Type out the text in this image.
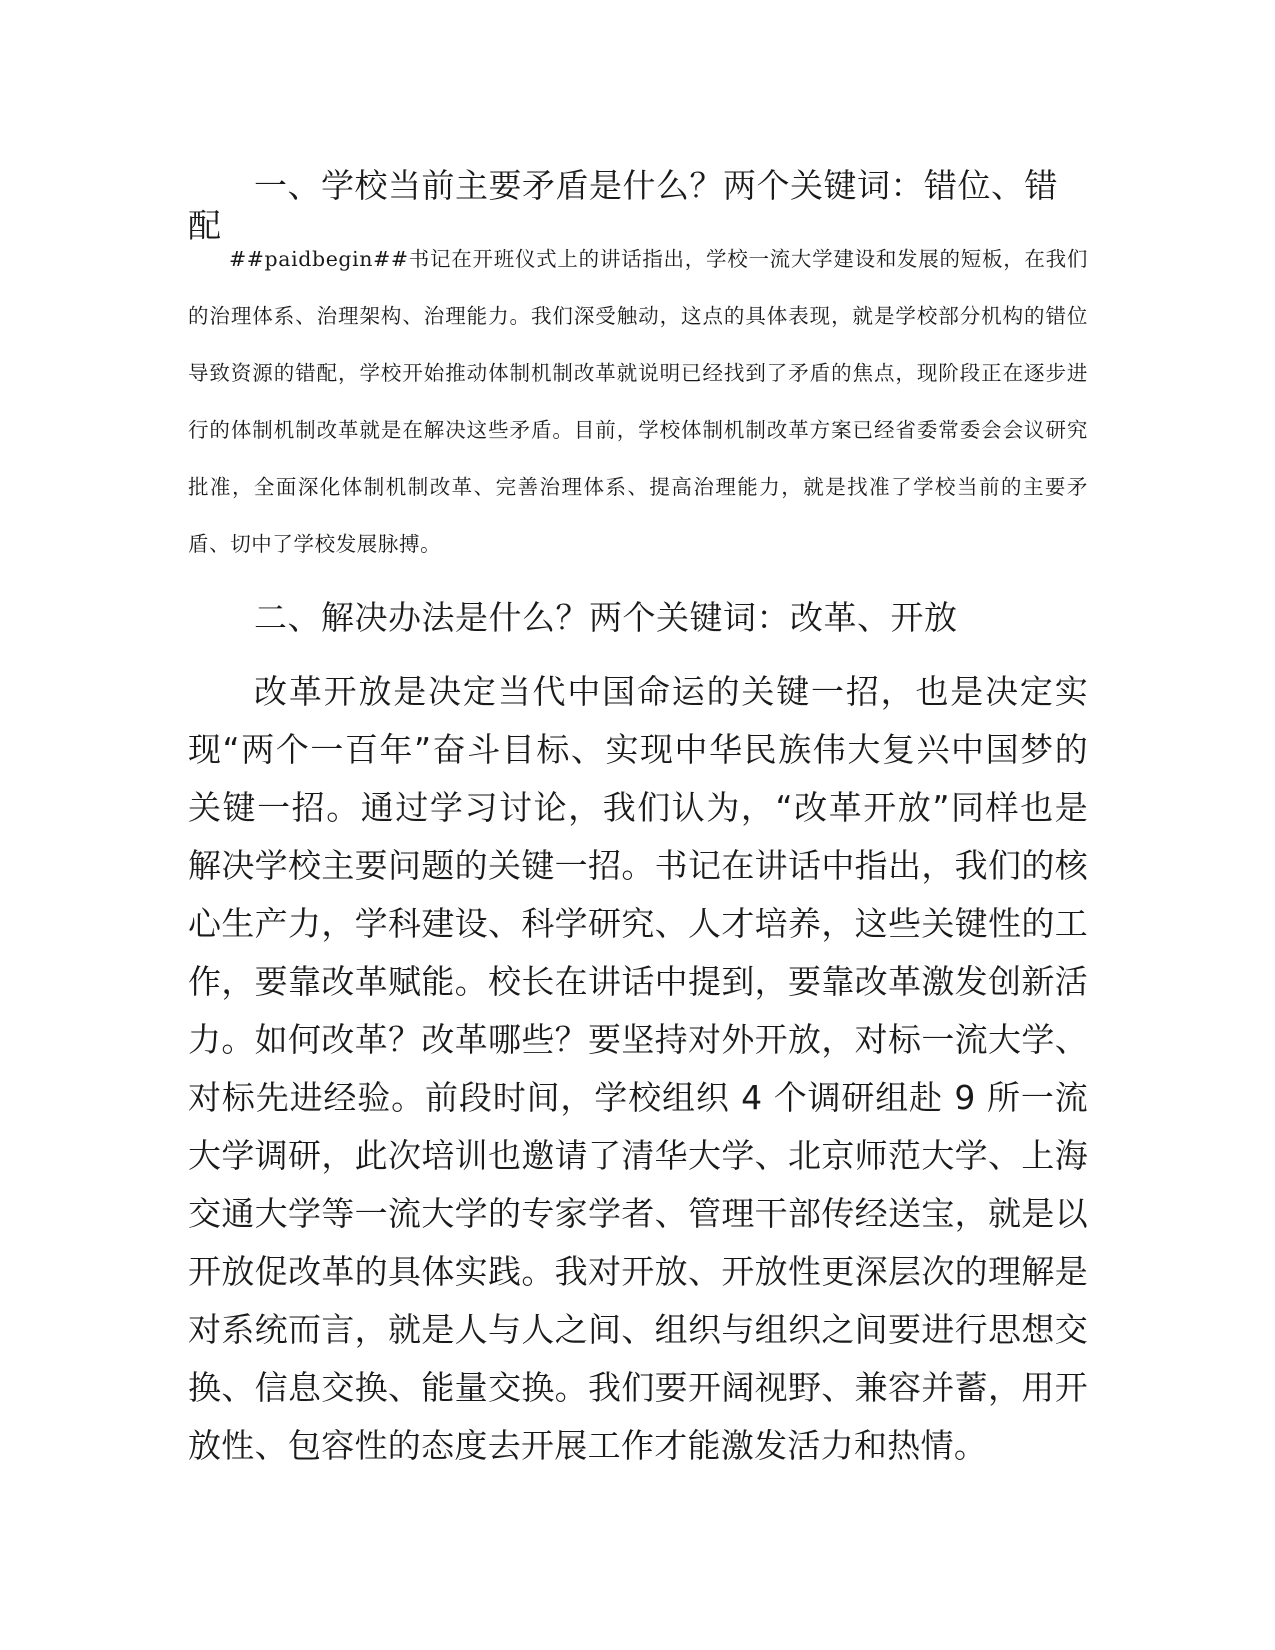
一、学校当前主要矛盾是什么？两个关键词：错位、错配
##paidbegin##书记在开班仪式上的讲话指出，学校一流大学建设和发展的短板，在我们的治理体系、治理架构、治理能力。我们深受触动，这点的具体表现，就是学校部分机构的错位导致资源的错配，学校开始推动体制机制改革就说明已经找到了矛盾的焦点，现阶段正在逐步进行的体制机制改革就是在解决这些矛盾。目前，学校体制机制改革方案已经省委常委会会议研究批准，全面深化体制机制改革、完善治理体系、提高治理能力，就是找准了学校当前的主要矛盾、切中了学校发展脉搏。
二、解决办法是什么？两个关键词：改革、开放
改革开放是决定当代中国命运的关键一招，也是决定实现“两个一百年”奋斗目标、实现中华民族伟大复兴中国梦的关键一招。通过学习讨论，我们认为，“改革开放”同样也是解决学校主要问题的关键一招。书记在讲话中指出，我们的核心生产力，学科建设、科学研究、人才培养，这些关键性的工作，要靠改革赋能。校长在讲话中提到，要靠改革激发创新活力。如何改革？改革哪些？要坚持对外开放，对标一流大学、对标先进经验。前段时间，学校组织 4 个调研组赴 9 所一流大学调研，此次培训也邀请了清华大学、北京师范大学、上海交通大学等一流大学的专家学者、管理干部传经送宝，就是以开放促改革的具体实践。我对开放、开放性更深层次的理解是对系统而言，就是人与人之间、组织与组织之间要进行思想交换、信息交换、能量交换。我们要开阔视野、兼容并蓄，用开放性、包容性的态度去开展工作才能激发活力和热情。
